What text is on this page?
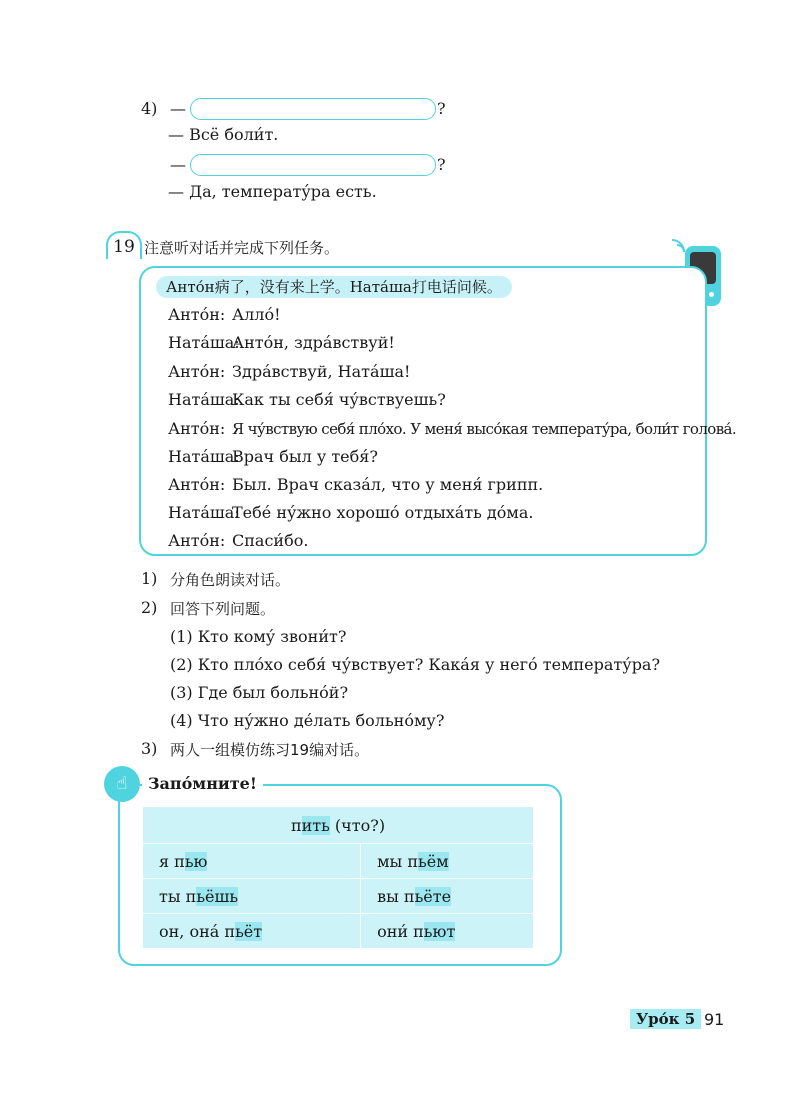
4) —	?
— Всё боли́т.
—	?
— Да, температу́ра есть.
19 注意听对话并完成下列任务。
Анто́н病了，没有来上学。Ната́ша打电话问候。
Анто́н: Алло́!
Ната́ша:Анто́н, здра́вствуй!
Анто́н: Здра́вствуй, Ната́ша!
Ната́ша:Как ты себя́ чу́вствуешь?
Анто́н: Я чу́вствую себя́ пло́хо. У меня́ высо́кая температу́ра, боли́т голова́.
Ната́ша:Врач был у тебя́?
Анто́н: Был. Врач сказа́л, что у меня́ грипп.
Ната́ша:Тебе́ ну́жно хорошо́ отдыха́ть до́ма.
Анто́н: Спаси́бо.
1) 分角色朗读对话。
2) 回答下列问题。
(1) Кто кому́ звони́т?
(2) Кто пло́хо себя́ чу́вствует? Кака́я у него́ температу́ра?
(3) Где был больно́й?
(4) Что ну́жно де́лать больно́му?
3) 两人一组模仿练习19编对话。
☝	Запо́мните!
пить (что?)	
я пью	мы пьём
ты пьёшь	вы пьёте
он, она́ пьёт	они́ пьют
Уро́к 5 91
